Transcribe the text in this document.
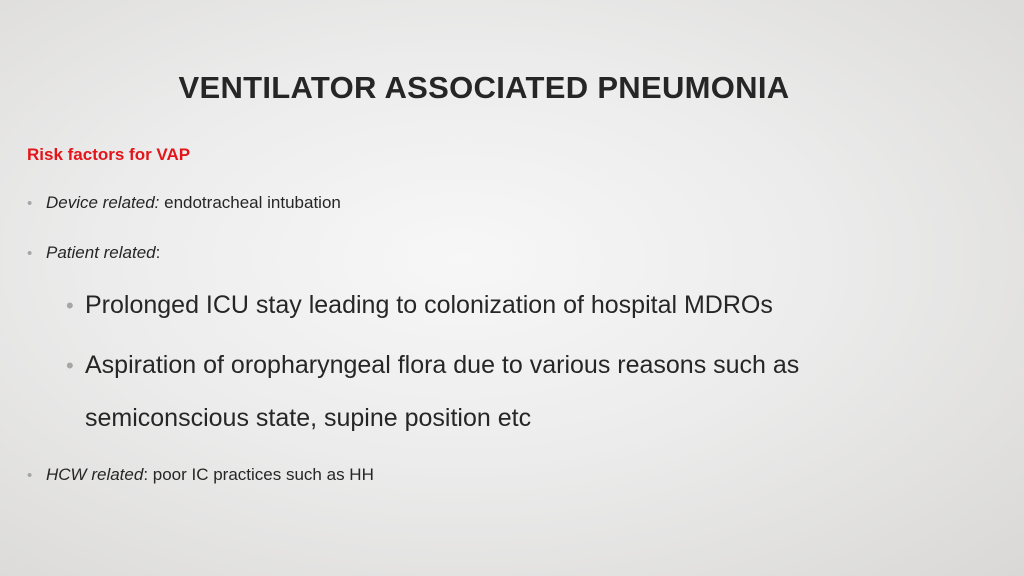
VENTILATOR ASSOCIATED PNEUMONIA
Risk factors for VAP
• Device related: endotracheal intubation
• Patient related:
• Prolonged ICU stay leading to colonization of hospital MDROs
• Aspiration of oropharyngeal flora due to various reasons such as
semiconscious state, supine position etc
• HCW related: poor IC practices such as HH
